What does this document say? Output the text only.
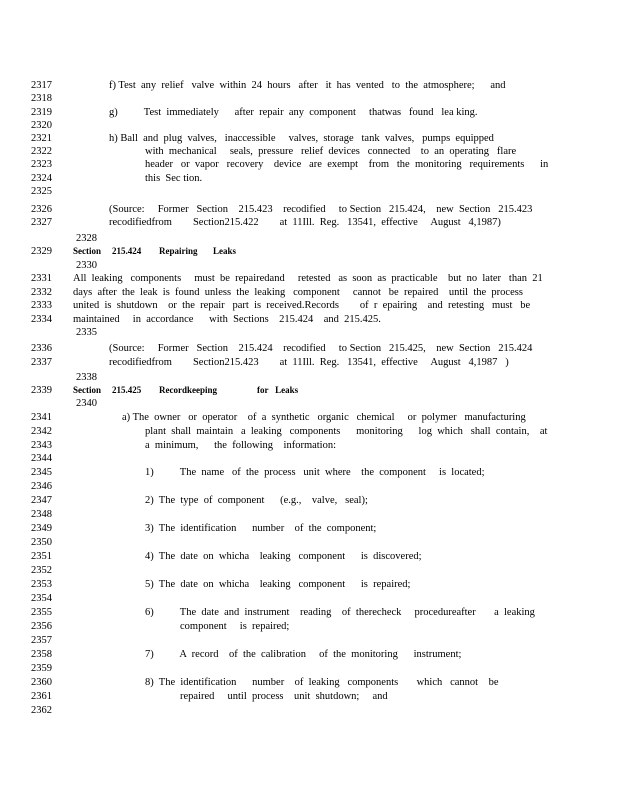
2317	f) Test  any  relief   valve  within  24  hours   after   it  has  vented   to  the  atmosphere;      and
2318
2319	g)          Test  immediately      after  repair  any  component     thatwas   found   lea king.
2320
2321	h) Ball  and  plug  valves,   inaccessible     valves,  storage   tank  valves,   pumps  equipped
2322	with  mechanical     seals,  pressure   relief  devices   connected    to  an  operating   flare
2323	header   or  vapor   recovery    device   are  exempt    from   the  monitoring   requirements      in
2324	this  Sec tion.
2325
2326	(Source:     Former   Section    215.423    recodified     to Section   215.424,    new  Section   215.423
2327	recodifiedfrom        Section215.422        at  11Ill.  Reg.   13541,  effective     August   4,1987)
2328
2329 Section 215.424 Repairing Leaks
2330
2331 All  leaking   components     must  be  repairedand     retested   as  soon  as  practicable    but  no  later   than  21
2332 days  after  the  leak  is  found  unless  the  leaking   component     cannot   be  repaired    until  the  process
2333 united  is  shutdown    or  the  repair   part  is  received.Records        of  r  epairing    and  retesting   must   be
2334 maintained     in  accordance      with  Sections    215.424    and  215.425.
2335
2336	(Source:     Former   Section    215.424    recodified     to Section   215.425,    new  Section   215.424
2337	recodifiedfrom        Section215.423        at  11Ill.  Reg.   13541,  effective     August   4,1987   )
2338
2339 Section 215.425 Recordkeeping	for   Leaks
2340
2341	a) The  owner   or  operator    of  a  synthetic   organic   chemical     or  polymer   manufacturing
2342	plant  shall  maintain   a  leaking   components      monitoring      log  which   shall  contain,    at
2343	a  minimum,      the  following    information:
2344
2345	1)          The  name   of  the  process   unit  where    the  component     is  located;
2346
2347	2)  The  type  of  component      (e.g.,    valve,   seal);
2348
2349	3)  The  identification      number    of  the  component;
2350
2351	4)  The  date  on  whicha    leaking   component      is  discovered;
2352
2353	5)  The  date  on  whicha    leaking   component      is  repaired;
2354
2355	6)          The  date  and  instrument    reading    of  therecheck     procedureafter       a  leaking
2356	component     is  repaired;
2357
2358	7)          A  record    of  the  calibration     of  the  monitoring      instrument;
2359
2360	8)  The  identification      number    of  leaking   components       which   cannot    be
2361	repaired     until  process    unit  shutdown;     and
2362
